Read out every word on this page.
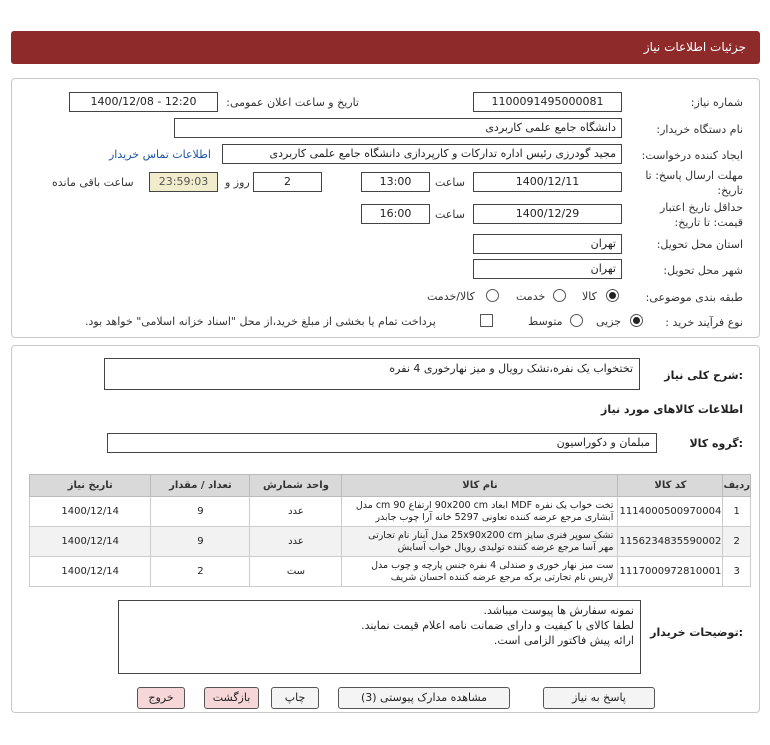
جزئیات اطلاعات نیاز
شماره نیاز:
1100091495000081
تاریخ و ساعت اعلان عمومی:
1400/12/08 - 12:20
نام دستگاه خریدار:
دانشگاه جامع علمی کاربردی
ایجاد کننده درخواست:
مجید گودرزی رئیس اداره تدارکات و کارپردازی دانشگاه جامع علمی کاربردی
اطلاعات تماس خریدار
مهلت ارسال پاسخ: تا
تاریخ:
1400/12/11
ساعت
13:00
2
روز و
23:59:03
ساعت باقی مانده
حداقل تاریخ اعتبار
قیمت: تا تاریخ:
1400/12/29
ساعت
16:00
استان محل تحویل:
تهران
شهر محل تحویل:
تهران
طبقه بندی موضوعی:
کالا
خدمت
کالا/خدمت
نوع فرآیند خرید :
جزیی
متوسط
پرداخت تمام یا بخشی از مبلغ خرید،از محل "اسناد خزانه اسلامی" خواهد بود.
ردیف	کد کالا	نام کالا	واحد شمارش	تعداد / مقدار	تاریخ نیاز
1	1114000500970004	تخت خواب یک نفره MDF ابعاد 90x200 cm ارتفاع 90 cm مدل
آبشاری مرجع عرضه کننده تعاونی 5297 خانه آرا چوب جابدر	عدد	9	1400/12/14
2	1156234835590002	تشک سوپر فنری سایز 25x90x200 cm مدل آبنار نام تجارتی
مهر آسا مرجع عرضه کننده تولیدی رویال خواب آسایش	عدد	9	1400/12/14
3	1117000972810001	ست میز نهار خوری و صندلی 4 نفره جنس پارچه و چوب مدل
لاریس نام تجارتی برکه مرجع عرضه کننده احسان شریف	ست	2	1400/12/14
شرح کلی نیاز:
تختخواب یک نفره،تشک رویال و میز نهارخوری 4 نفره
اطلاعات کالاهای مورد نیاز
گروه کالا:
مبلمان و دکوراسیون
توضیحات خریدار:
نمونه سفارش ها پیوست میباشد.
لطفا کالای با کیفیت و دارای ضمانت نامه اعلام قیمت نمایند.
ارائه پیش فاکتور الزامی است.
پاسخ به نیاز
مشاهده مدارک پیوستی (3)
چاپ
بازگشت
خروج
